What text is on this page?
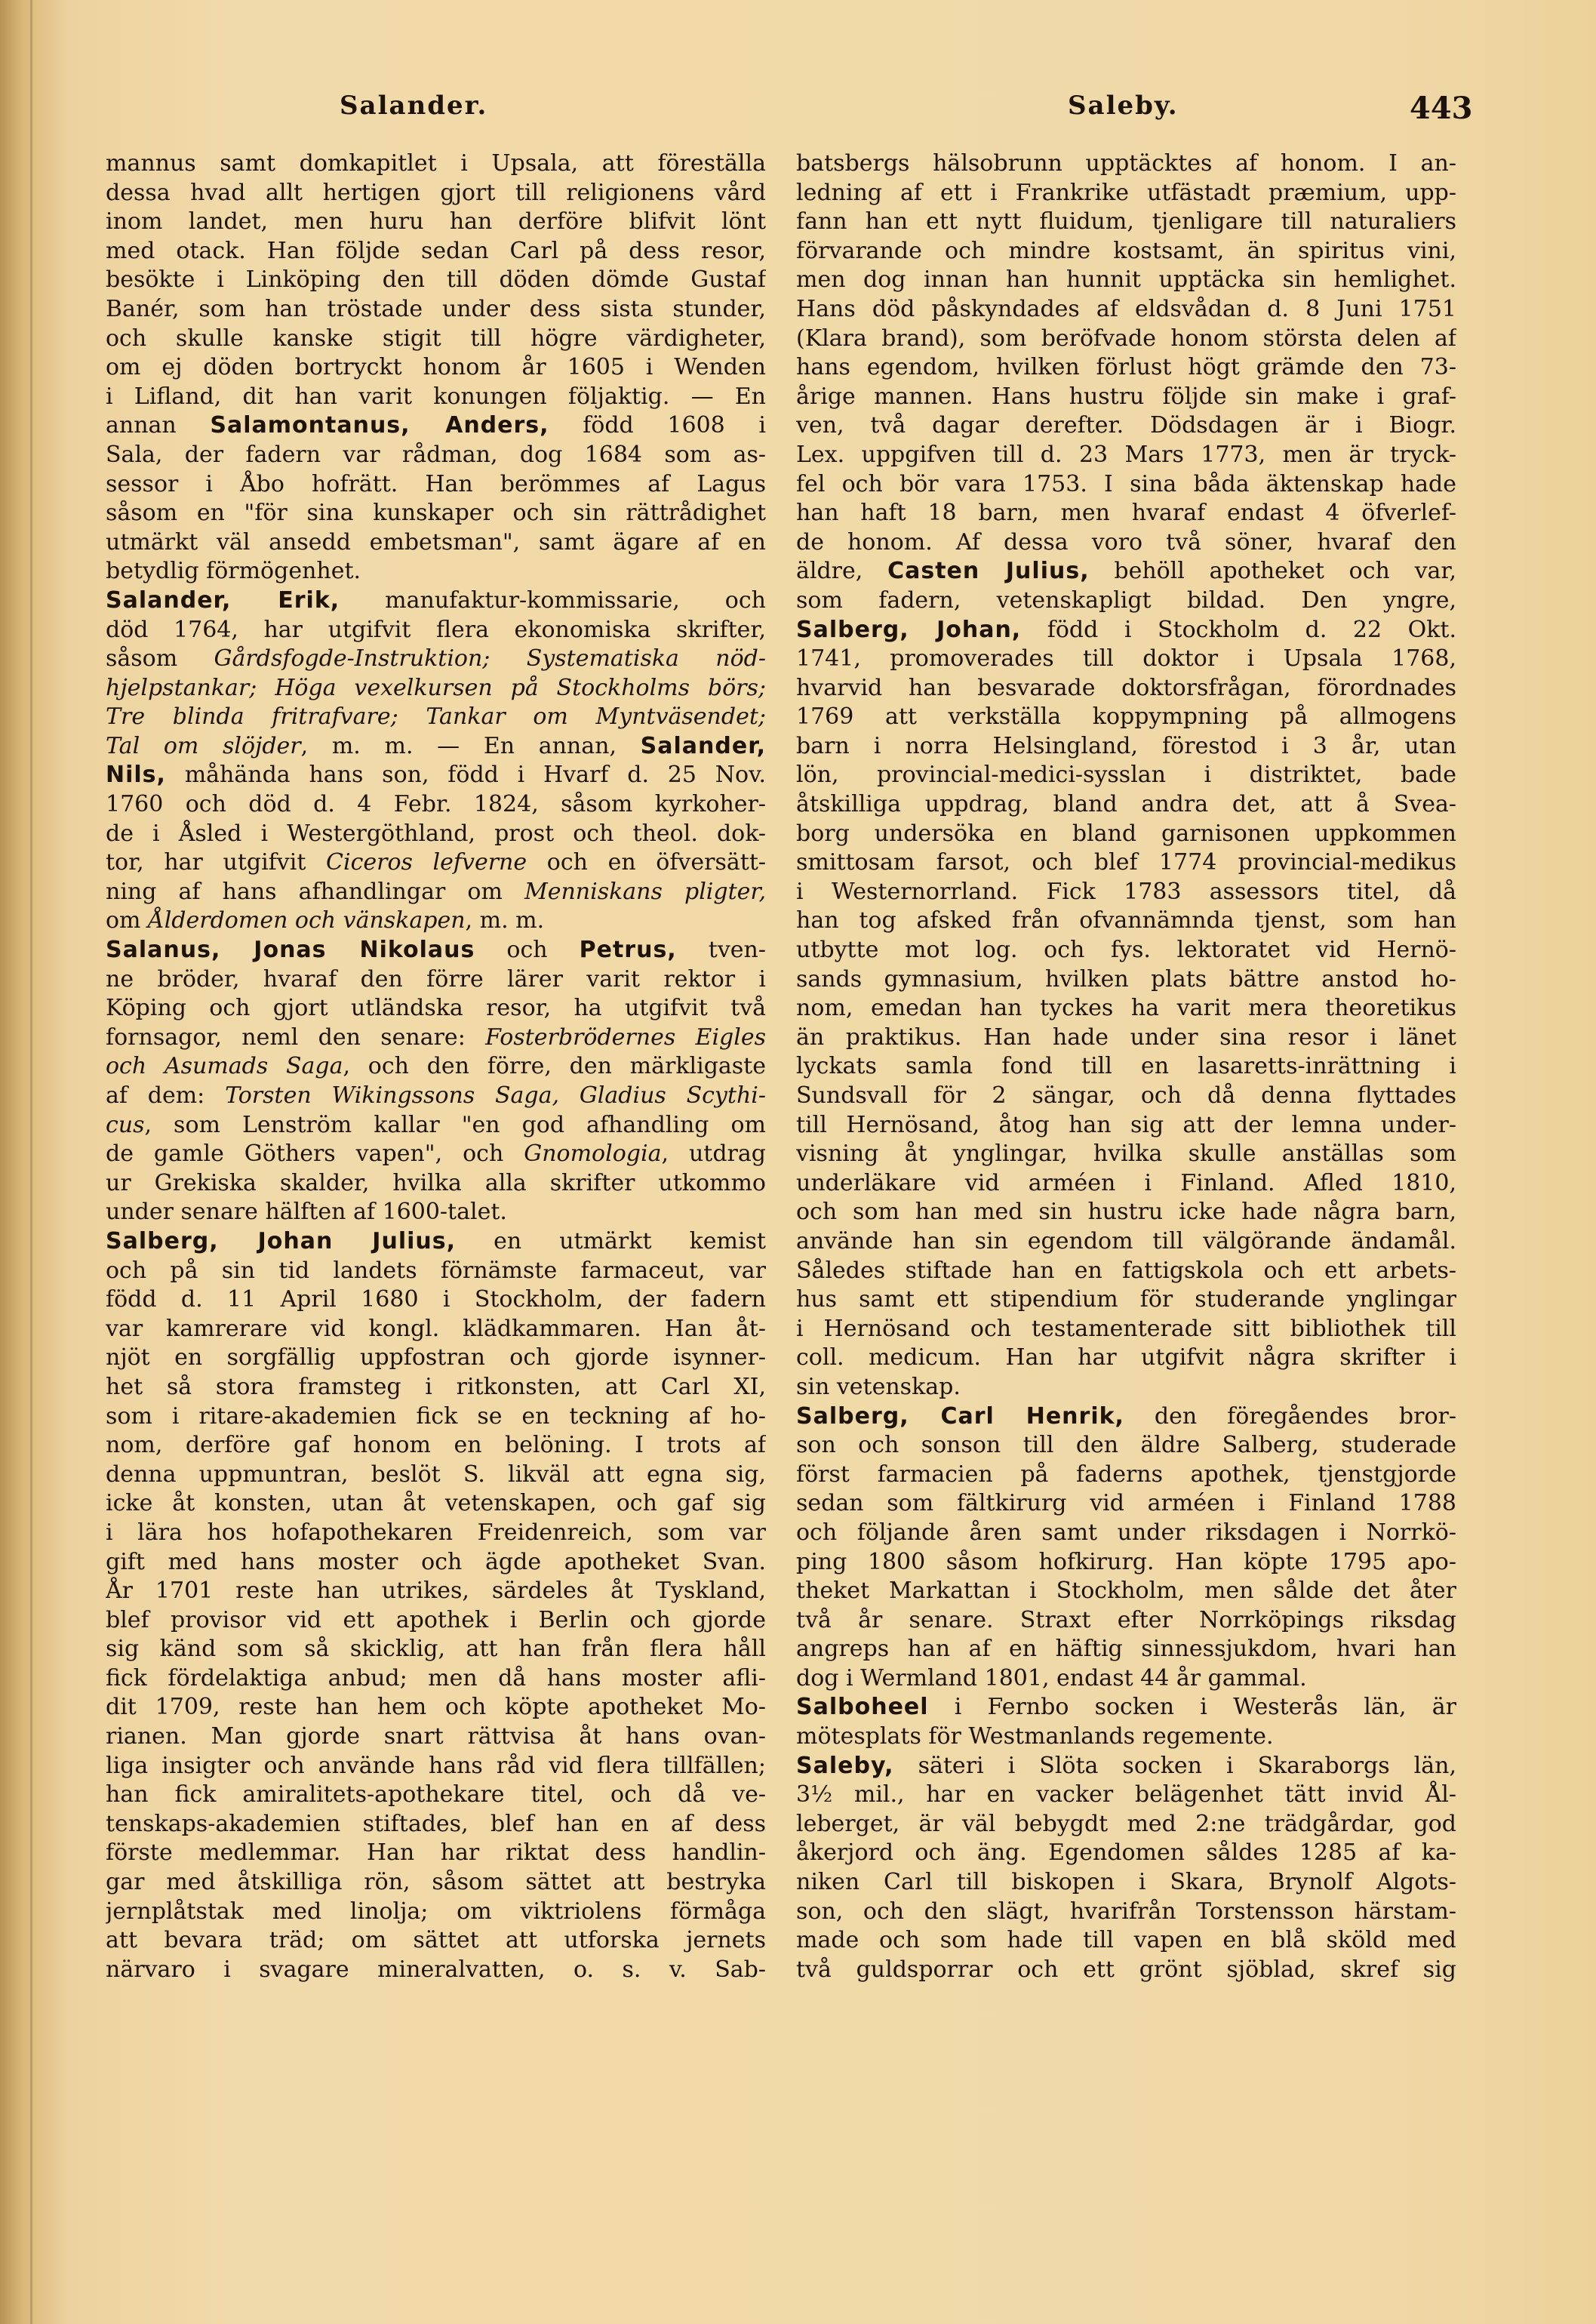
Salander.	Saleby.	443
mannus samt domkapitlet i Upsala, att föreställa
dessa hvad allt hertigen gjort till religionens vård
inom landet, men huru han derföre blifvit lönt
med otack. Han följde sedan Carl på dess resor,
besökte i Linköping den till döden dömde Gustaf
Banér, som han tröstade under dess sista stunder,
och skulle kanske stigit till högre värdigheter,
om ej döden bortryckt honom år 1605 i Wenden
i Lifland, dit han varit konungen följaktig. — En
annan Salamontanus, Anders, född 1608 i
Sala, der fadern var rådman, dog 1684 som as-
sessor i Åbo hofrätt. Han berömmes af Lagus
såsom en "för sina kunskaper och sin rättrådighet
utmärkt väl ansedd embetsman", samt ägare af en
betydlig förmögenhet.
Salander, Erik, manufaktur-kommissarie, och
död 1764, har utgifvit flera ekonomiska skrifter,
såsom Gårdsfogde-Instruktion; Systematiska nöd-
hjelpstankar; Höga vexelkursen på Stockholms börs;
Tre blinda fritrafvare; Tankar om Myntväsendet;
Tal om slöjder, m. m. — En annan, Salander,
Nils, måhända hans son, född i Hvarf d. 25 Nov.
1760 och död d. 4 Febr. 1824, såsom kyrkoher-
de i Åsled i Westergöthland, prost och theol. dok-
tor, har utgifvit Ciceros lefverne och en öfversätt-
ning af hans afhandlingar om Menniskans pligter,
om Ålderdomen och vänskapen, m. m.
Salanus, Jonas Nikolaus och Petrus, tven-
ne bröder, hvaraf den förre lärer varit rektor i
Köping och gjort utländska resor, ha utgifvit två
fornsagor, neml den senare: Fosterbrödernes Eigles
och Asumads Saga, och den förre, den märkligaste
af dem: Torsten Wikingssons Saga, Gladius Scythi-
cus, som Lenström kallar "en god afhandling om
de gamle Göthers vapen", och Gnomologia, utdrag
ur Grekiska skalder, hvilka alla skrifter utkommo
under senare hälften af 1600-talet.
Salberg, Johan Julius, en utmärkt kemist
och på sin tid landets förnämste farmaceut, var
född d. 11 April 1680 i Stockholm, der fadern
var kamrerare vid kongl. klädkammaren. Han åt-
njöt en sorgfällig uppfostran och gjorde isynner-
het så stora framsteg i ritkonsten, att Carl XI,
som i ritare-akademien fick se en teckning af ho-
nom, derföre gaf honom en belöning. I trots af
denna uppmuntran, beslöt S. likväl att egna sig,
icke åt konsten, utan åt vetenskapen, och gaf sig
i lära hos hofapothekaren Freidenreich, som var
gift med hans moster och ägde apotheket Svan.
År 1701 reste han utrikes, särdeles åt Tyskland,
blef provisor vid ett apothek i Berlin och gjorde
sig känd som så skicklig, att han från flera håll
fick fördelaktiga anbud; men då hans moster afli-
dit 1709, reste han hem och köpte apotheket Mo-
rianen. Man gjorde snart rättvisa åt hans ovan-
liga insigter och använde hans råd vid flera tillfällen;
han fick amiralitets-apothekare titel, och då ve-
tenskaps-akademien stiftades, blef han en af dess
förste medlemmar. Han har riktat dess handlin-
gar med åtskilliga rön, såsom sättet att bestryka
jernplåtstak med linolja; om viktriolens förmåga
att bevara träd; om sättet att utforska jernets
närvaro i svagare mineralvatten, o. s. v. Sab-
batsbergs hälsobrunn upptäcktes af honom. I an-
ledning af ett i Frankrike utfästadt præmium, upp-
fann han ett nytt fluidum, tjenligare till naturaliers
förvarande och mindre kostsamt, än spiritus vini,
men dog innan han hunnit upptäcka sin hemlighet.
Hans död påskyndades af eldsvådan d. 8 Juni 1751
(Klara brand), som beröfvade honom största delen af
hans egendom, hvilken förlust högt grämde den 73-
årige mannen. Hans hustru följde sin make i graf-
ven, två dagar derefter. Dödsdagen är i Biogr.
Lex. uppgifven till d. 23 Mars 1773, men är tryck-
fel och bör vara 1753. I sina båda äktenskap hade
han haft 18 barn, men hvaraf endast 4 öfverlef-
de honom. Af dessa voro två söner, hvaraf den
äldre, Casten Julius, behöll apotheket och var,
som fadern, vetenskapligt bildad. Den yngre,
Salberg, Johan, född i Stockholm d. 22 Okt.
1741, promoverades till doktor i Upsala 1768,
hvarvid han besvarade doktorsfrågan, förordnades
1769 att verkställa koppympning på allmogens
barn i norra Helsingland, förestod i 3 år, utan
lön, provincial-medici-sysslan i distriktet, bade
åtskilliga uppdrag, bland andra det, att å Svea-
borg undersöka en bland garnisonen uppkommen
smittosam farsot, och blef 1774 provincial-medikus
i Westernorrland. Fick 1783 assessors titel, då
han tog afsked från ofvannämnda tjenst, som han
utbytte mot log. och fys. lektoratet vid Hernö-
sands gymnasium, hvilken plats bättre anstod ho-
nom, emedan han tyckes ha varit mera theoretikus
än praktikus. Han hade under sina resor i länet
lyckats samla fond till en lasaretts-inrättning i
Sundsvall för 2 sängar, och då denna flyttades
till Hernösand, åtog han sig att der lemna under-
visning åt ynglingar, hvilka skulle anställas som
underläkare vid arméen i Finland. Afled 1810,
och som han med sin hustru icke hade några barn,
använde han sin egendom till välgörande ändamål.
Således stiftade han en fattigskola och ett arbets-
hus samt ett stipendium för studerande ynglingar
i Hernösand och testamenterade sitt bibliothek till
coll. medicum. Han har utgifvit några skrifter i
sin vetenskap.
Salberg, Carl Henrik, den föregåendes bror-
son och sonson till den äldre Salberg, studerade
först farmacien på faderns apothek, tjenstgjorde
sedan som fältkirurg vid arméen i Finland 1788
och följande åren samt under riksdagen i Norrkö-
ping 1800 såsom hofkirurg. Han köpte 1795 apo-
theket Markattan i Stockholm, men sålde det åter
två år senare. Straxt efter Norrköpings riksdag
angreps han af en häftig sinnessjukdom, hvari han
dog i Wermland 1801, endast 44 år gammal.
Salboheel i Fernbo socken i Westerås län, är
mötesplats för Westmanlands regemente.
Saleby, säteri i Slöta socken i Skaraborgs län,
3½ mil., har en vacker belägenhet tätt invid Ål-
leberget, är väl bebygdt med 2:ne trädgårdar, god
åkerjord och äng. Egendomen såldes 1285 af ka-
niken Carl till biskopen i Skara, Brynolf Algots-
son, och den slägt, hvarifrån Torstensson härstam-
made och som hade till vapen en blå sköld med
två guldsporrar och ett grönt sjöblad, skref sig
